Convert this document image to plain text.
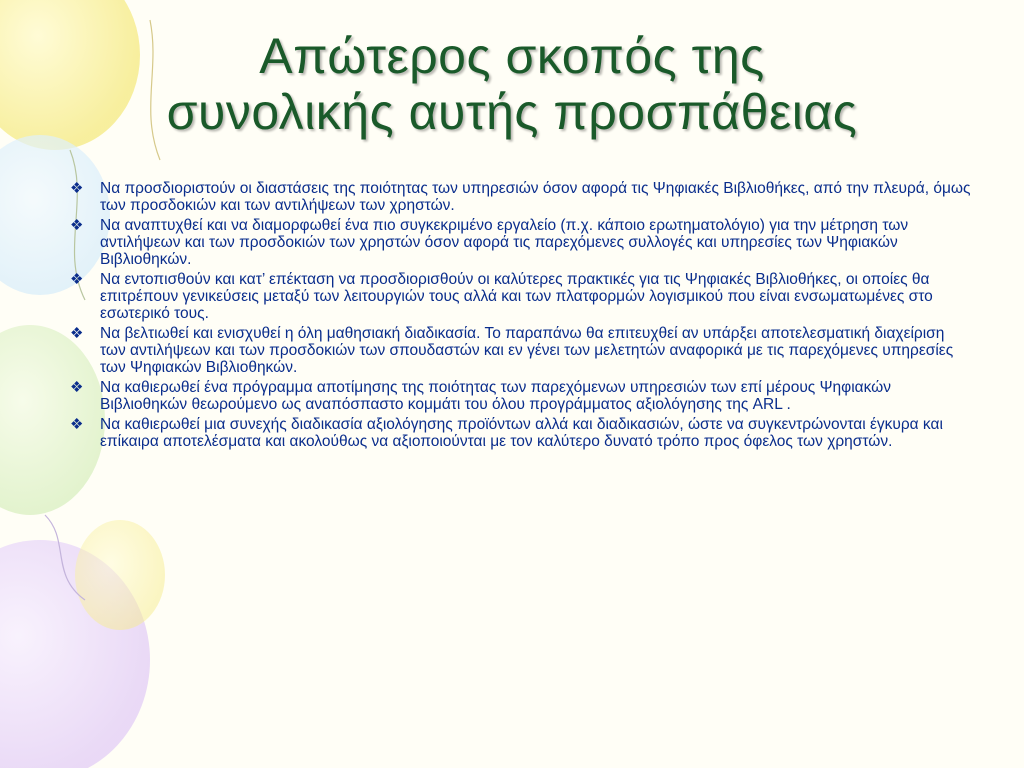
Απώτερος σκοπός της
συνολικής αυτής προσπάθειας
❖ Να προσδιοριστούν οι διαστάσεις της ποιότητας των υπηρεσιών όσον αφορά τις Ψηφιακές Βιβλιοθήκες, από την πλευρά, όμως των προσδοκιών και των αντιλήψεων των χρηστών.
❖ Να αναπτυχθεί και να διαμορφωθεί ένα πιο συγκεκριμένο εργαλείο (π.χ. κάποιο ερωτηματολόγιο) για την μέτρηση των αντιλήψεων και των προσδοκιών των χρηστών όσον αφορά τις παρεχόμενες συλλογές και υπηρεσίες των Ψηφιακών Βιβλιοθηκών.
❖ Να εντοπισθούν και κατ’ επέκταση να προσδιορισθούν οι καλύτερες πρακτικές για τις Ψηφιακές Βιβλιοθήκες, οι οποίες θα επιτρέπουν γενικεύσεις μεταξύ των λειτουργιών τους αλλά και των πλατφορμών λογισμικού που είναι ενσωματωμένες στο εσωτερικό τους.
❖ Να βελτιωθεί και ενισχυθεί η όλη μαθησιακή διαδικασία. Το παραπάνω θα επιτευχθεί αν υπάρξει αποτελεσματική διαχείριση των αντιλήψεων και των προσδοκιών των σπουδαστών και εν γένει των μελετητών αναφορικά με τις παρεχόμενες υπηρεσίες των Ψηφιακών Βιβλιοθηκών.
❖ Να καθιερωθεί ένα πρόγραμμα αποτίμησης της ποιότητας των παρεχόμενων υπηρεσιών των επί μέρους Ψηφιακών Βιβλιοθηκών θεωρούμενο ως αναπόσπαστο κομμάτι του όλου προγράμματος αξιολόγησης της ARL .
❖ Να καθιερωθεί μια συνεχής διαδικασία αξιολόγησης προϊόντων αλλά και διαδικασιών, ώστε να συγκεντρώνονται έγκυρα και επίκαιρα αποτελέσματα και ακολούθως να αξιοποιούνται με τον καλύτερο δυνατό τρόπο προς όφελος των χρηστών.
